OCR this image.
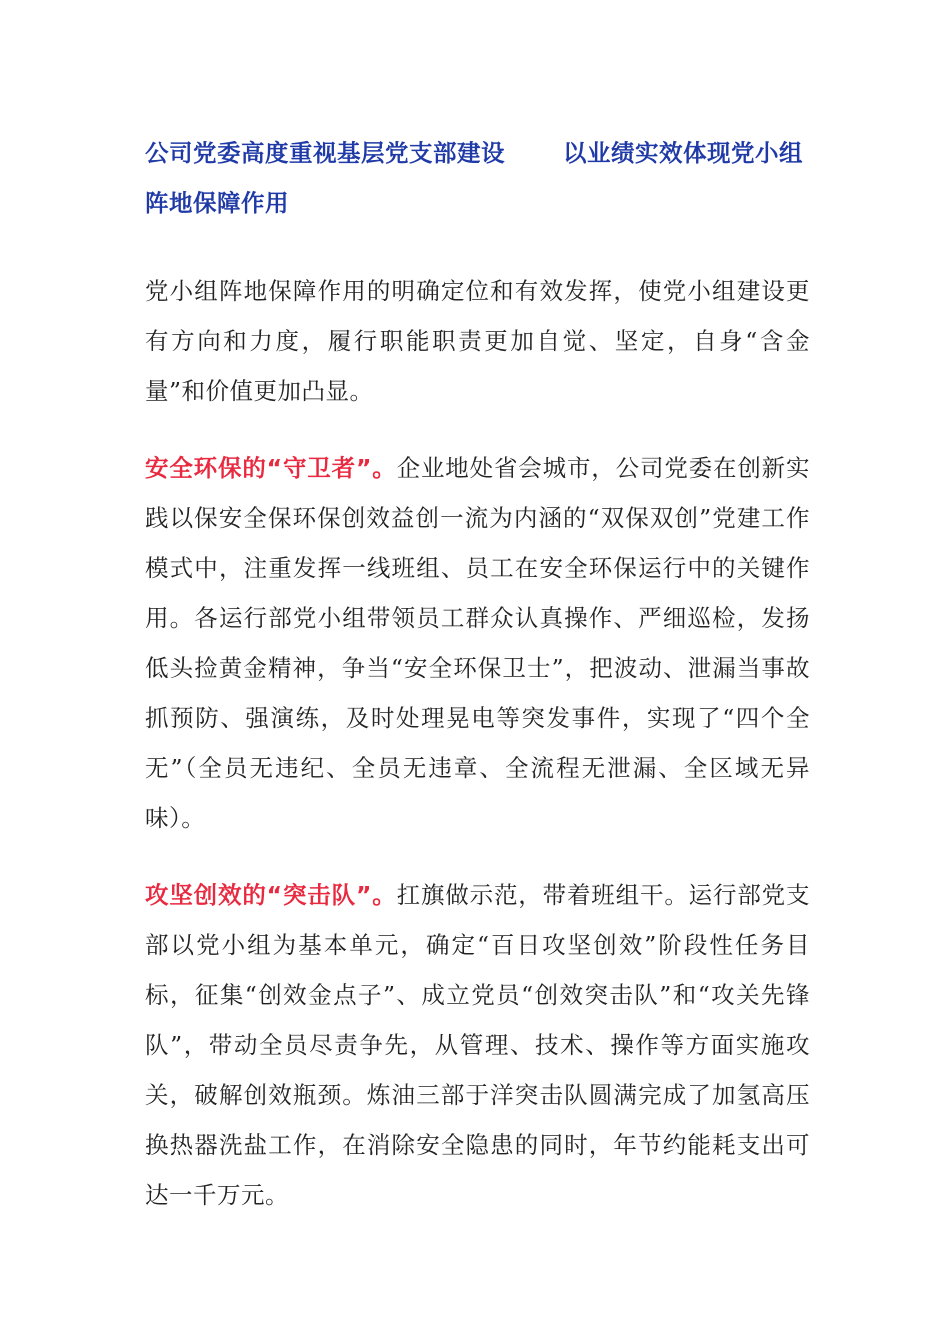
公司党委高度重视基层党支部建设 以业绩实效体现党小组阵地保障作用

党小组阵地保障作用的明确定位和有效发挥，使党小组建设更有方向和力度，履行职能职责更加自觉、坚定，自身“含金量”和价值更加凸显。

安全环保的“守卫者”。企业地处省会城市，公司党委在创新实践以保安全保环保创效益创一流为内涵的“双保双创”党建工作模式中，注重发挥一线班组、员工在安全环保运行中的关键作用。各运行部党小组带领员工群众认真操作、严细巡检，发扬低头捡黄金精神，争当“安全环保卫士”，把波动、泄漏当事故抓预防、强演练，及时处理晃电等突发事件，实现了“四个全无”（全员无违纪、全员无违章、全流程无泄漏、全区域无异味）。

攻坚创效的“突击队”。扛旗做示范，带着班组干。运行部党支部以党小组为基本单元，确定“百日攻坚创效”阶段性任务目标，征集“创效金点子”、成立党员“创效突击队”和“攻关先锋队”，带动全员尽责争先，从管理、技术、操作等方面实施攻关，破解创效瓶颈。炼油三部于洋突击队圆满完成了加氢高压换热器洗盐工作，在消除安全隐患的同时，年节约能耗支出可达一千万元。
